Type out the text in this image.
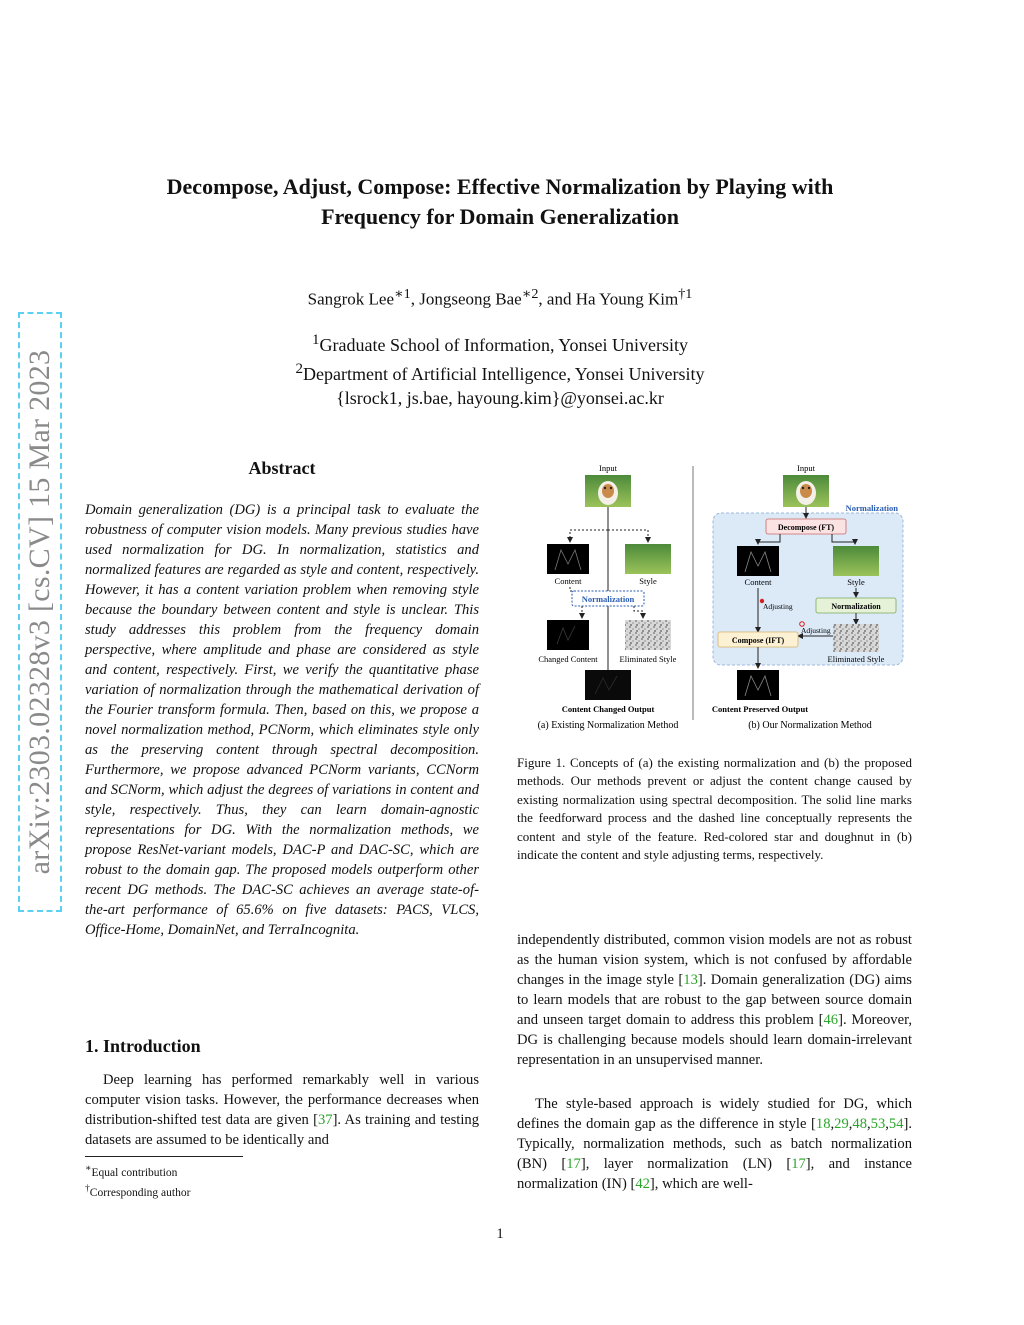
arXiv:2303.02328v3 [cs.CV] 15 Mar 2023
Decompose, Adjust, Compose: Effective Normalization by Playing with
Frequency for Domain Generalization
Sangrok Lee$^{∗1}$, Jongseong Bae$^{∗2}$, and Ha Young Kim$^{\dagger 1}$
$^1$Graduate School of Information, Yonsei University
$^2$Department of Artificial Intelligence, Yonsei University
{lsrock1, js.bae, hayoung.kim}@yonsei.ac.kr
Abstract
Domain generalization (DG) is a principal task to evaluate the robustness of computer vision models. Many previous studies have used normalization for DG. In normalization, statistics and normalized features are regarded as style and content, respectively. However, it has a content variation problem when removing style because the boundary between content and style is unclear. This study addresses this problem from the frequency domain perspective, where amplitude and phase are considered as style and content, respectively. First, we verify the quantitative phase variation of normalization through the mathematical derivation of the Fourier transform formula. Then, based on this, we propose a novel normalization method, PCNorm, which eliminates style only as the preserving content through spectral decomposition. Furthermore, we propose advanced PCNorm variants, CCNorm and SCNorm, which adjust the degrees of variations in content and style, respectively. Thus, they can learn domain-agnostic representations for DG. With the normalization methods, we propose ResNet-variant models, DAC-P and DAC-SC, which are robust to the domain gap. The proposed models outperform other recent DG methods. The DAC-SC achieves an average state-of-the-art performance of 65.6% on five datasets: PACS, VLCS, Office-Home, DomainNet, and TerraIncognita.
1. Introduction
Deep learning has performed remarkably well in various computer vision tasks. However, the performance decreases when distribution-shifted test data are given [37]. As training and testing datasets are assumed to be identically and
∗Equal contribution
†Corresponding author
Input
Content	Style
Normalization
Changed Content	Eliminated Style
Content Changed Output
(a) Existing Normalization Method
Input
Normalization
Decompose (FT)
Content	Style
Adjusting	Normalization
Eliminated Style
Adjusting
Compose (IFT)
Content Preserved Output
(b) Our Normalization Method
Figure 1. Concepts of (a) the existing normalization and (b) the proposed methods. Our methods prevent or adjust the content change caused by existing normalization using spectral decomposition. The solid line marks the feedforward process and the dashed line conceptually represents the content and style of the feature. Red-colored star and doughnut in (b) indicate the content and style adjusting terms, respectively.
independently distributed, common vision models are not as robust as the human vision system, which is not confused by affordable changes in the image style [13]. Domain generalization (DG) aims to learn models that are robust to the gap between source domain and unseen target domain to address this problem [46]. Moreover, DG is challenging because models should learn domain-irrelevant representation in an unsupervised manner.
The style-based approach is widely studied for DG, which defines the domain gap as the difference in style [18,29,48,53,54]. Typically, normalization methods, such as batch normalization (BN) [17], layer normalization (LN) [17], and instance normalization (IN) [42], which are well-
1
